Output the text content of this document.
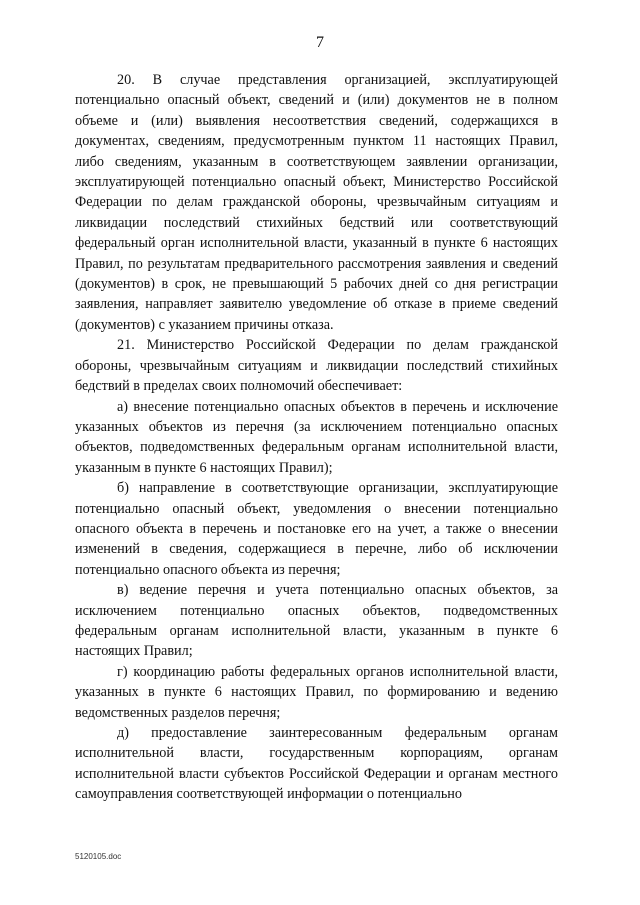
7

20. В случае представления организацией, эксплуатирующей потенциально опасный объект, сведений и (или) документов не в полном объеме и (или) выявления несоответствия сведений, содержащихся в документах, сведениям, предусмотренным пунктом 11 настоящих Правил, либо сведениям, указанным в соответствующем заявлении организации, эксплуатирующей потенциально опасный объект, Министерство Российской Федерации по делам гражданской обороны, чрезвычайным ситуациям и ликвидации последствий стихийных бедствий или соответствующий федеральный орган исполнительной власти, указанный в пункте 6 настоящих Правил, по результатам предварительного рассмотрения заявления и сведений (документов) в срок, не превышающий 5 рабочих дней со дня регистрации заявления, направляет заявителю уведомление об отказе в приеме сведений (документов) с указанием причины отказа.

21. Министерство Российской Федерации по делам гражданской обороны, чрезвычайным ситуациям и ликвидации последствий стихийных бедствий в пределах своих полномочий обеспечивает:

а) внесение потенциально опасных объектов в перечень и исключение указанных объектов из перечня (за исключением потенциально опасных объектов, подведомственных федеральным органам исполнительной власти, указанным в пункте 6 настоящих Правил);

б) направление в соответствующие организации, эксплуатирующие потенциально опасный объект, уведомления о внесении потенциально опасного объекта в перечень и постановке его на учет, а также о внесении изменений в сведения, содержащиеся в перечне, либо об исключении потенциально опасного объекта из перечня;

в) ведение перечня и учета потенциально опасных объектов, за исключением потенциально опасных объектов, подведомственных федеральным органам исполнительной власти, указанным в пункте 6 настоящих Правил;

г) координацию работы федеральных органов исполнительной власти, указанных в пункте 6 настоящих Правил, по формированию и ведению ведомственных разделов перечня;

д) предоставление заинтересованным федеральным органам исполнительной власти, государственным корпорациям, органам исполнительной власти субъектов Российской Федерации и органам местного самоуправления соответствующей информации о потенциально

5120105.doc
